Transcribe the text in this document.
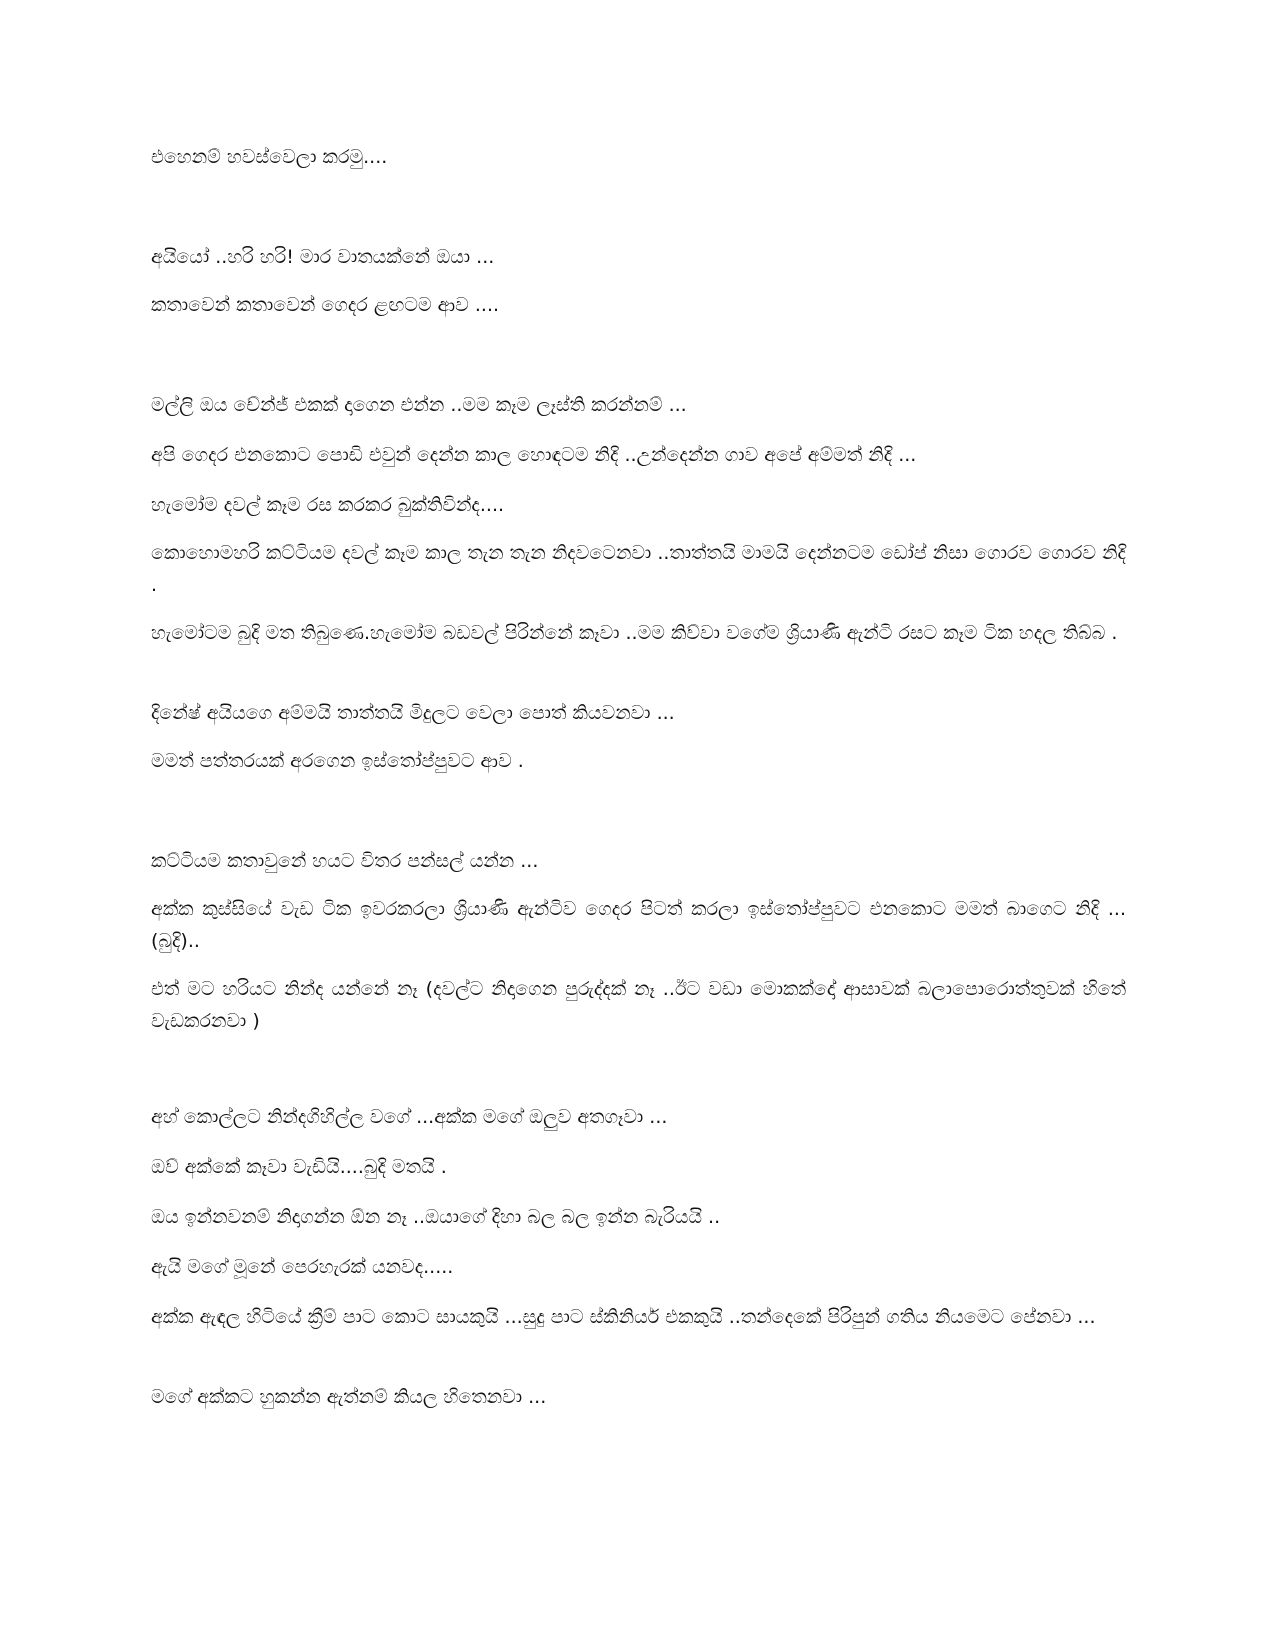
එහෙනම් හවස්වෙලා කරමු....

අයියෝ ..හරි හරි! මාර වාතයක්නේ ඔයා ...

කතාවෙන් කතාවෙන් ගෙදර ළඟටම ආව ....

මල්ලි ඔය චේන්ජ් එකක් දාගෙන එන්න ..මම කෑම ලෑස්ති කරන්නම් ...

අපි ගෙදර එනකොට පොඩි එවුන් දෙන්න කාල හොඳටම නිදි ..උන්දෙන්න ගාව අපේ අම්මත් නිදි ...

හැමෝම දවල් කෑම රස කරකර බුක්තිවින්ද....

කොහොමහරි කට්ටියම දවල් කෑම කාල තැන තැන නිදවටෙනවා ..තාත්තයි මාමයි දෙන්නටම ඩෝප් නිසා ගොරව ගොරව නිදි .

හැමෝටම බුදි මත තිබුණෙ.හැමෝම බඩවල් පිරින්නේ කෑවා ..මම කිව්වා වගේම ශ්‍රියාණි ඇන්ටි රසට කෑම ටික හදල තිබ්බ .

දිනේෂ් අයියගෙ අම්මයි තාත්තයි මිදුලට වෙලා පොත් කියවනවා ...

මමත් පත්තරයක් අරගෙන ඉස්තෝප්පුවට ආව .

කට්ටියම කතාවුනේ හයට විතර පන්සල් යන්න ...

අක්ක කුස්සියේ වැඩ ටික ඉවරකරලා ශ්‍රියාණි ඇන්ටිව ගෙදර පිටත් කරලා ඉස්තෝප්පුවට එනකොට මමත් බාගෙට නිදි ...(බුදි)..

එත් මට හරියට නින්ද යන්නේ නෑ (දවල්ට නිදාගෙන පුරුද්දක් නෑ ..ඊට වඩා මොකක්දෝ ආසාවක් බලාපොරොත්තුවක් හිතේ වැඩකරනවා )

අහ් කොල්ලට නින්දගිහිල්ල වගේ ...අක්ක මගේ ඔලුව අතගෑවා ...

ඔව් අක්කේ කෑවා වැඩියි....බුදි මතයි .

ඔය ඉන්නවනම් නිදාගන්න ඕන නෑ ..ඔයාගේ දිහා බල බල ඉන්න බැරියයි ..

ඇයි මගේ මූනේ පෙරහැරක් යනවද.....

අක්ක ඇඳල හිටියේ ක්‍රීම් පාට කොට සායකුයි ...සුදු පාට ස්කිනියර් එකකුයි ..තන්දෙකේ පිරිපුන් ගතිය නියමෙට පේනවා ...

මගේ අක්කට හුකන්න ඇත්නම් කියල හිතෙනවා ...
